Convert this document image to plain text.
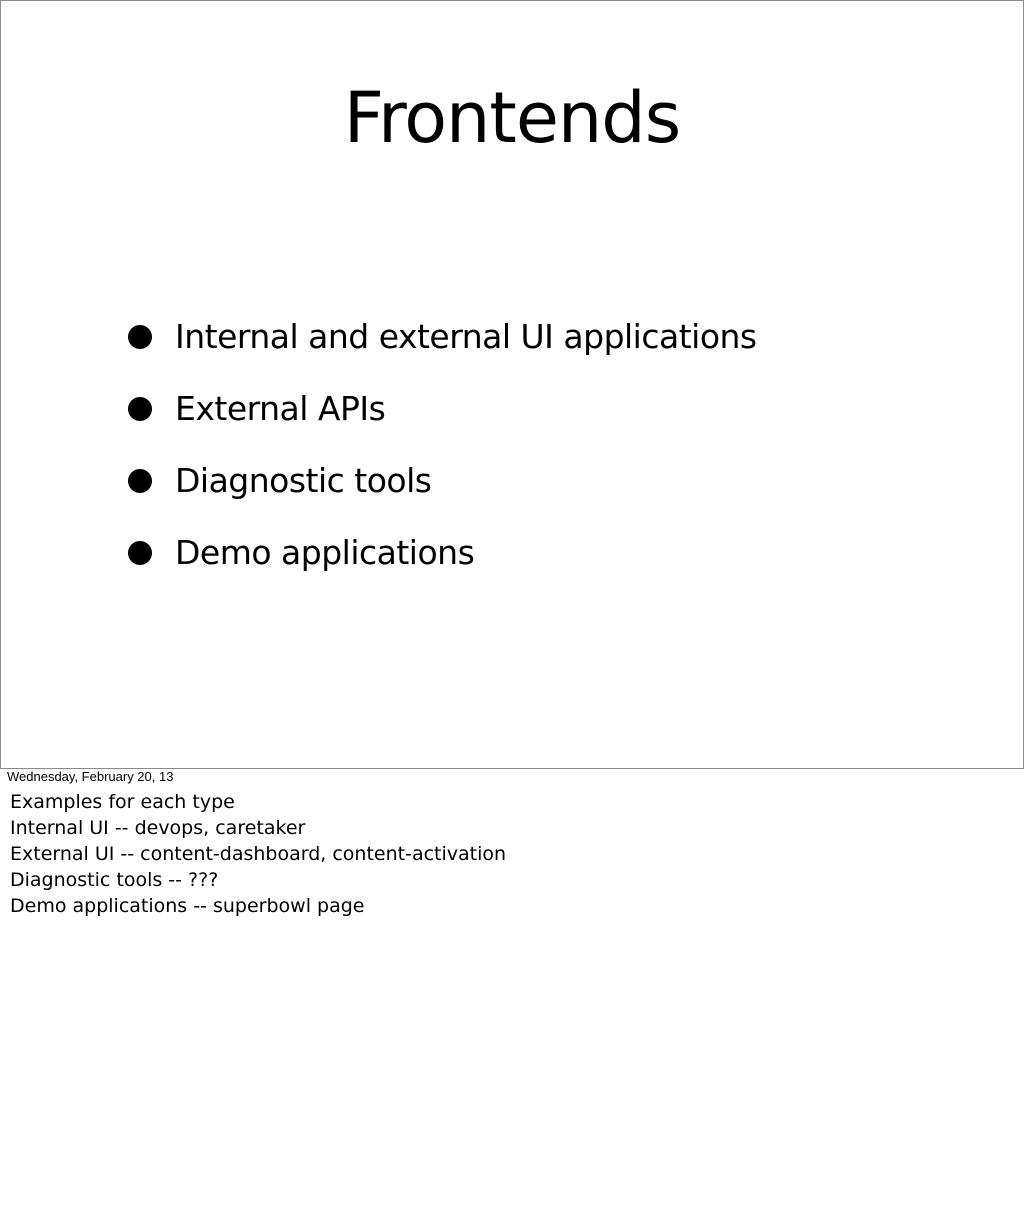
Frontends
Internal and external UI applications
External APIs
Diagnostic tools
Demo applications
Wednesday, February 20, 13
Examples for each type
Internal UI -- devops, caretaker
External UI -- content-dashboard, content-activation
Diagnostic tools -- ???
Demo applications -- superbowl page
